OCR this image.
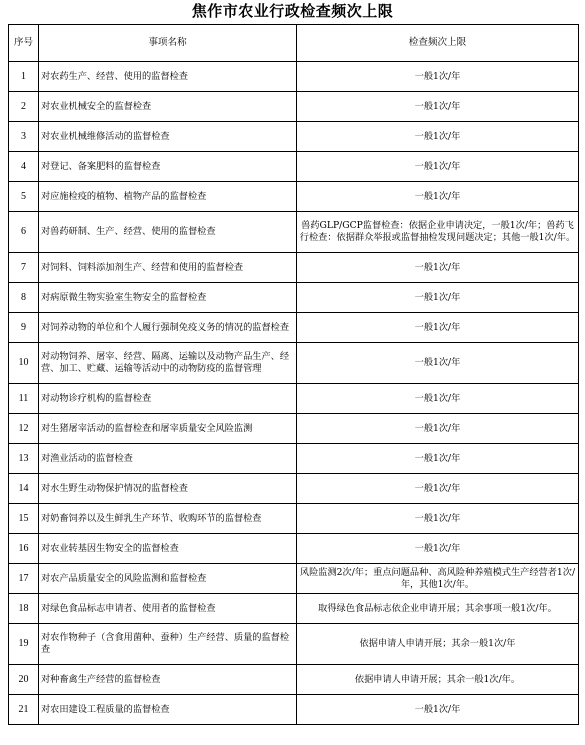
焦作市农业行政检查频次上限
序号	事项名称	检查频次上限
1	对农药生产、经营、使用的监督检查	一般1次/年
2	对农业机械安全的监督检查	一般1次/年
3	对农业机械维修活动的监督检查	一般1次/年
4	对登记、备案肥料的监督检查	一般1次/年
5	对应施检疫的植物、植物产品的监督检查	一般1次/年
6	对兽药研制、生产、经营、使用的监督检查	兽药GLP/GCP监督检查：依据企业申请决定，一般1次/年；兽药飞行检查：依据群众举报或监督抽检发现问题决定；其他一般1次/年。
7	对饲料、饲料添加剂生产、经营和使用的监督检查	一般1次/年
8	对病原微生物实验室生物安全的监督检查	一般1次/年
9	对饲养动物的单位和个人履行强制免疫义务的情况的监督检查	一般1次/年
10	对动物饲养、屠宰、经营、隔离、运输以及动物产品生产、经营、加工、贮藏、运输等活动中的动物防疫的监督管理	一般1次/年
11	对动物诊疗机构的监督检查	一般1次/年
12	对生猪屠宰活动的监督检查和屠宰质量安全风险监测	一般1次/年
13	对渔业活动的监督检查	一般1次/年
14	对水生野生动物保护情况的监督检查	一般1次/年
15	对奶畜饲养以及生鲜乳生产环节、收购环节的监督检查	一般1次/年
16	对农业转基因生物安全的监督检查	一般1次/年
17	对农产品质量安全的风险监测和监督检查	风险监测2次/年；重点问题品种、高风险种养殖模式生产经营者1次/年，其他1次/年。
18	对绿色食品标志申请者、使用者的监督检查	取得绿色食品标志依企业申请开展；其余事项一般1次/年。
19	对农作物种子（含食用菌种、蚕种）生产经营、质量的监督检查	依据申请人申请开展；其余一般1次/年
20	对种畜禽生产经营的监督检查	依据申请人申请开展；其余一般1次/年。
21	对农田建设工程质量的监督检查	一般1次/年
